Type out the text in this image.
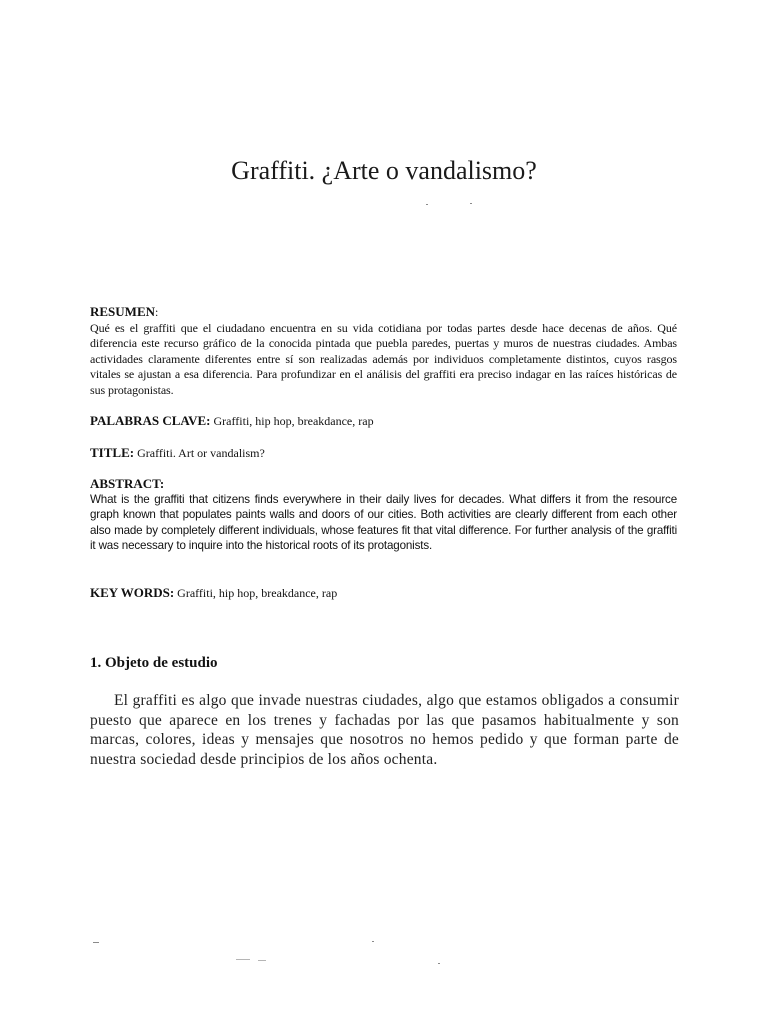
Graffiti. ¿Arte o vandalismo?
RESUMEN:
Qué es el graffiti que el ciudadano encuentra en su vida cotidiana por todas partes desde hace decenas de años. Qué diferencia este recurso gráfico de la conocida pintada que puebla paredes, puertas y muros de nuestras ciudades. Ambas actividades claramente diferentes entre sí son realizadas además por individuos completamente distintos, cuyos rasgos vitales se ajustan a esa diferencia. Para profundizar en el análisis del graffiti era preciso indagar en las raíces históricas de sus protagonistas.
PALABRAS CLAVE: Graffiti, hip hop, breakdance, rap
TITLE: Graffiti. Art or vandalism?
ABSTRACT:
What is the graffiti that citizens finds everywhere in their daily lives for decades. What differs it from the resource graph known that populates paints walls and doors of our cities. Both activities are clearly different from each other also made by completely different individuals, whose features fit that vital difference. For further analysis of the graffiti it was necessary to inquire into the historical roots of its protagonists.
KEY WORDS: Graffiti, hip hop, breakdance, rap
1. Objeto de estudio

El graffiti es algo que invade nuestras ciudades, algo que estamos obligados a consumir puesto que aparece en los trenes y fachadas por las que pasamos habitualmente y son marcas, colores, ideas y mensajes que nosotros no hemos pedido y que forman parte de nuestra sociedad desde principios de los años ochenta.
